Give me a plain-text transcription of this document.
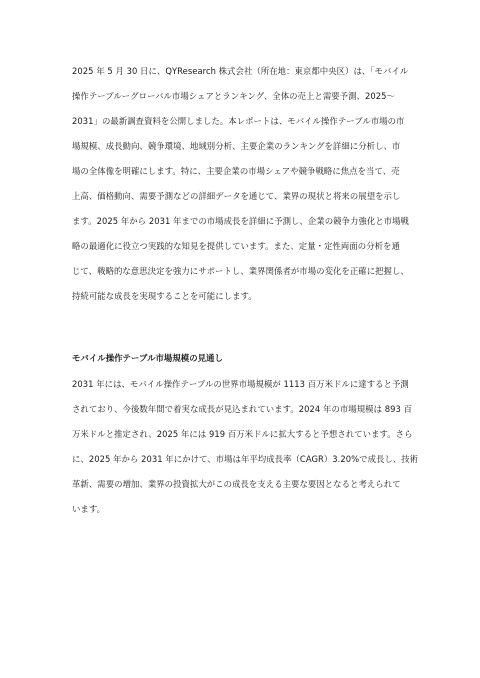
2025 年 5 月 30 日に、QYResearch 株式会社（所在地：東京都中央区）は、「モバイル
操作テーブルーグローバル市場シェアとランキング、全体の売上と需要予測、2025〜
2031」の最新調査資料を公開しました。本レポートは、モバイル操作テーブル市場の市
場規模、成長動向、競争環境、地域別分析、主要企業のランキングを詳細に分析し、市
場の全体像を明確にします。特に、主要企業の市場シェアや競争戦略に焦点を当て、売
上高、価格動向、需要予測などの詳細データを通じて、業界の現状と将来の展望を示し
ます。2025 年から 2031 年までの市場成長を詳細に予測し、企業の競争力強化と市場戦
略の最適化に役立つ実践的な知見を提供しています。また、定量・定性両面の分析を通
じて、戦略的な意思決定を強力にサポートし、業界関係者が市場の変化を正確に把握し、
持続可能な成長を実現することを可能にします。
モバイル操作テーブル市場規模の見通し
2031 年には、モバイル操作テーブルの世界市場規模が 1113 百万米ドルに達すると予測
されており、今後数年間で着実な成長が見込まれています。2024 年の市場規模は 893 百
万米ドルと推定され、2025 年には 919 百万米ドルに拡大すると予想されています。さら
に、2025 年から 2031 年にかけて、市場は年平均成長率（CAGR）3.20%で成長し、技術
革新、需要の増加、業界の投資拡大がこの成長を支える主要な要因となると考えられて
います。
